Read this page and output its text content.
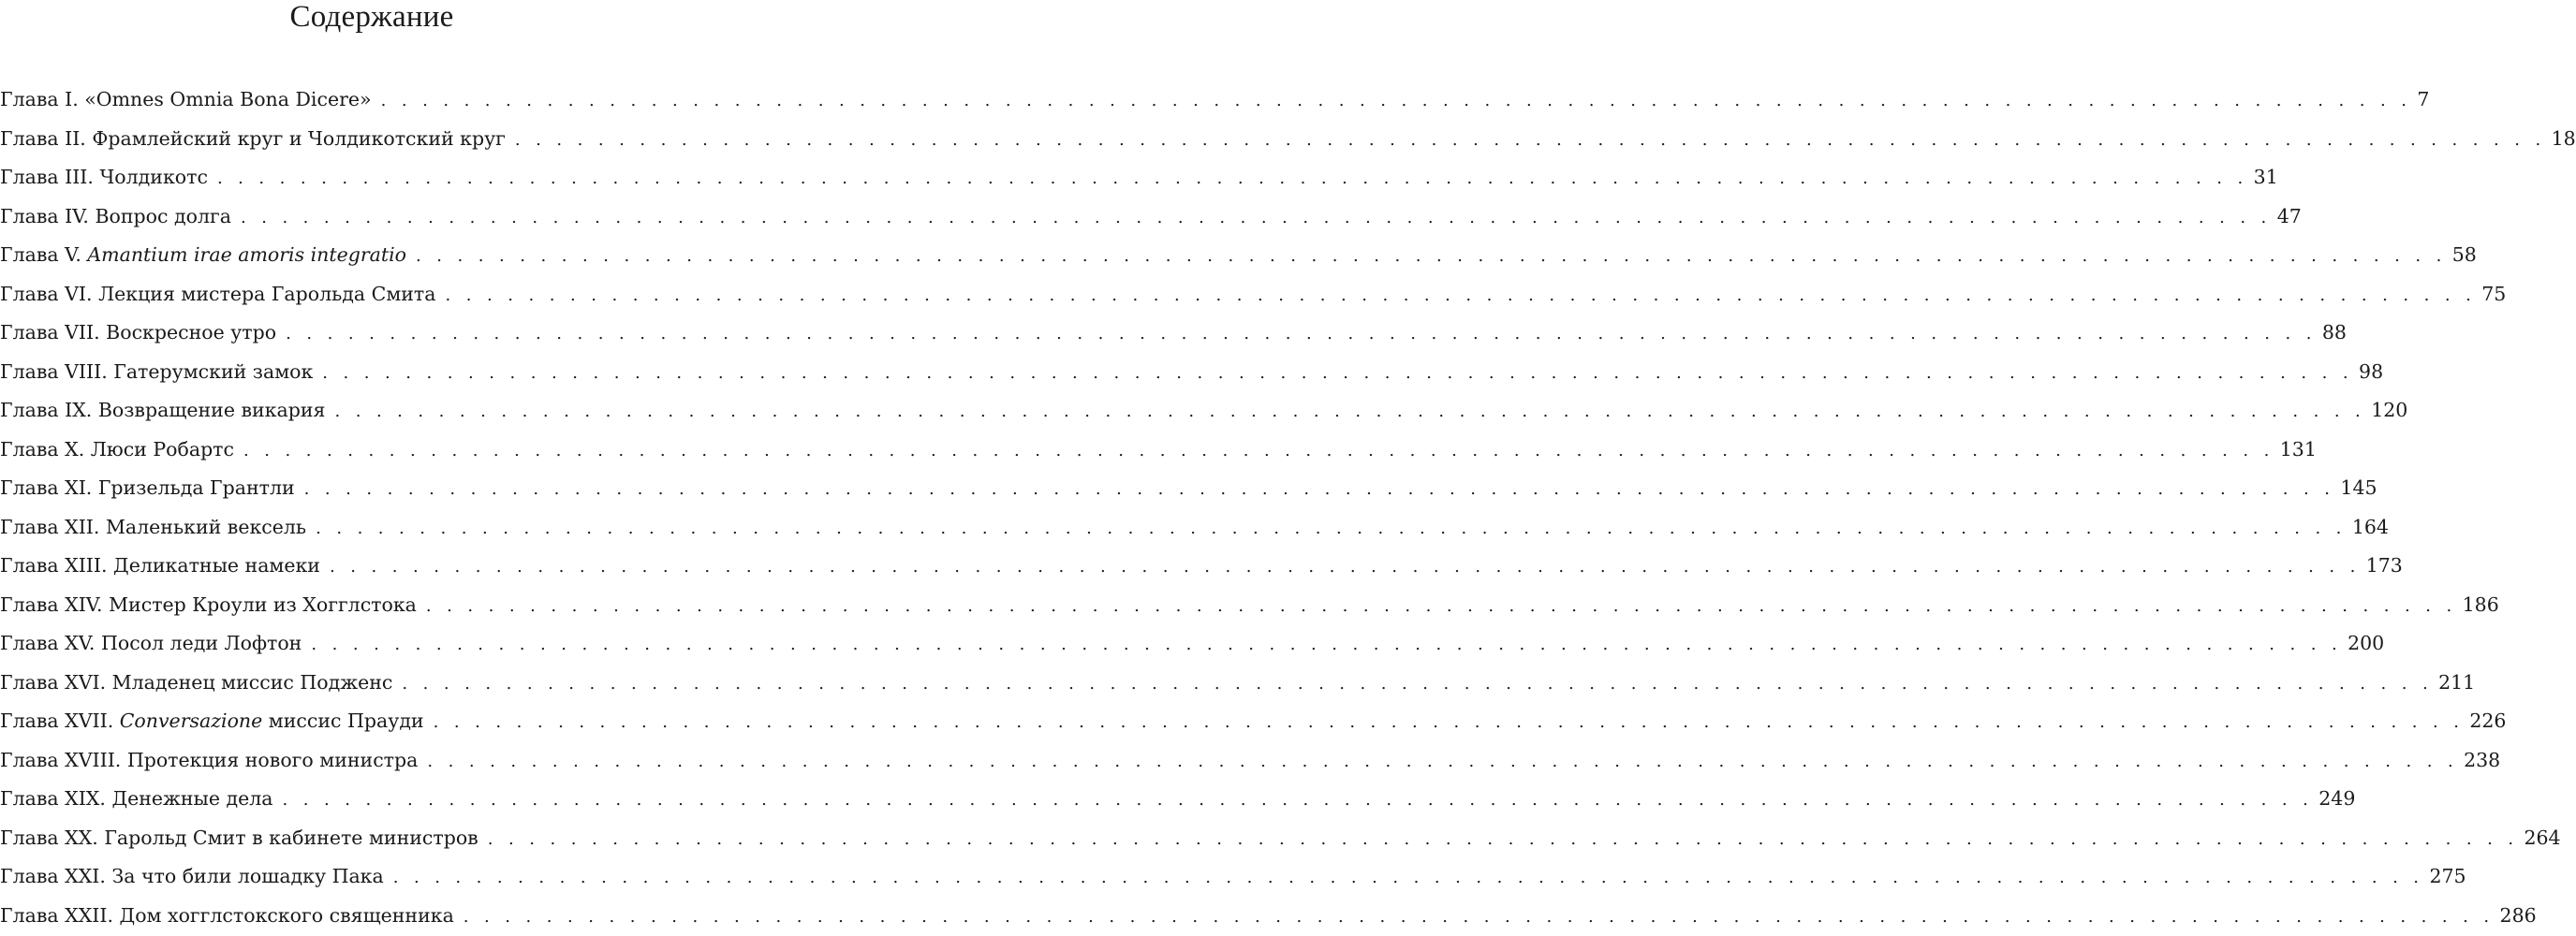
Содержание
Глава I. «Omnes Omnia Bona Dicere» . . .	7
Глава II. Фрамлейский круг и Чолдикотский круг . . .	18
Глава III. Чолдикотс . . .	31
Глава IV. Вопрос долга . . .	47
Глава V. Amantium irae amoris integratio . . .	58
Глава VI. Лекция мистера Гарольда Смита . . .	75
Глава VII. Воскресное утро . . .	88
Глава VIII. Гатерумский замок . . .	98
Глава IX. Возвращение викария . . .	120
Глава X. Люси Робартс . . .	131
Глава XI. Гризельда Грантли . . .	145
Глава XII. Маленький вексель . . .	164
Глава XIII. Деликатные намеки . . .	173
Глава XIV. Мистер Кроули из Хогглстока . . .	186
Глава XV. Посол леди Лофтон . . .	200
Глава XVI. Младенец миссис Подженс . . .	211
Глава XVII. Conversazione миссис Прауди . . .	226
Глава XVIII. Протекция нового министра . . .	238
Глава XIX. Денежные дела . . .	249
Глава XX. Гарольд Смит в кабинете министров . . .	264
Глава XXI. За что били лошадку Пака . . .	275
Глава XXII. Дом хогглстокского священника . . .	286
